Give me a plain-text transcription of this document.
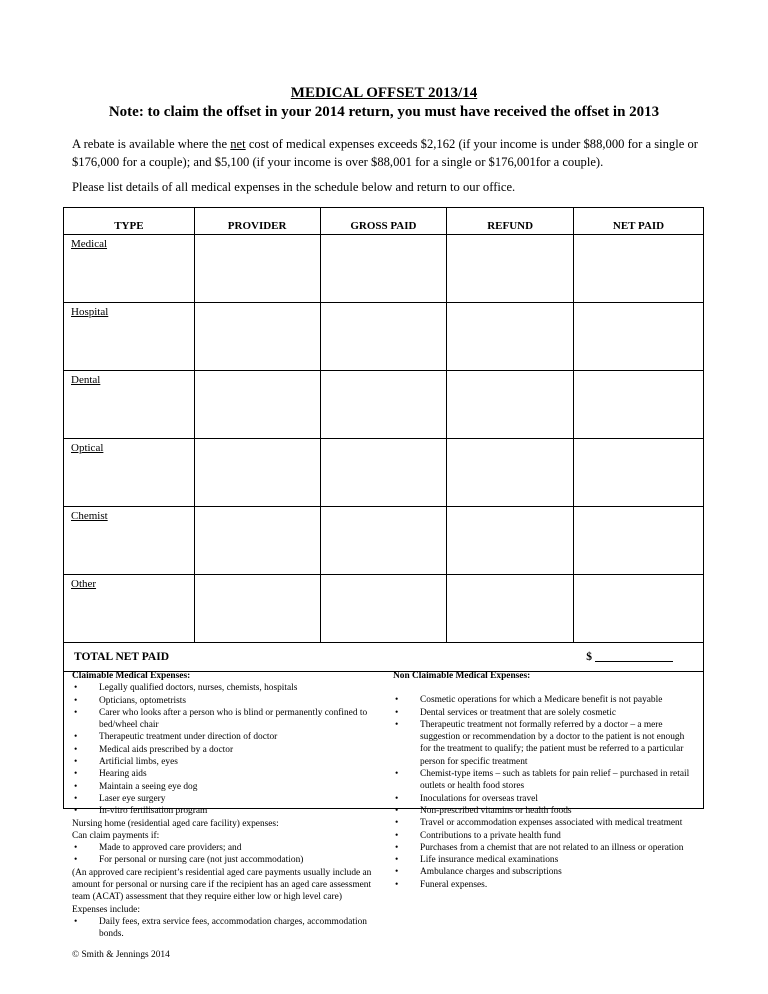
MEDICAL OFFSET 2013/14
Note: to claim the offset in your 2014 return, you must have received the offset in 2013
A rebate is available where the net cost of medical expenses exceeds $2,162 (if your income is under $88,000 for a single or $176,000 for a couple); and $5,100 (if your income is over $88,001 for a single or $176,001for a couple).
Please list details of all medical expenses in the schedule below and return to our office.
TYPE	PROVIDER	GROSS PAID	REFUND	NET PAID
Medical				
Hospital				
Dental				
Optical				
Chemist				
Other				
TOTAL NET PAID				$
Claimable Medical Expenses:
• Legally qualified doctors, nurses, chemists, hospitals
• Opticians, optometrists
• Carer who looks after a person who is blind or permanently confined to bed/wheel chair
• Therapeutic treatment under direction of doctor
• Medical aids prescribed by a doctor
• Artificial limbs, eyes
• Hearing aids
• Maintain a seeing eye dog
• Laser eye surgery
• In-vitro fertilisation program
Nursing home (residential aged care facility) expenses:
Can claim payments if:
• Made to approved care providers; and
• For personal or nursing care (not just accommodation)
(An approved care recipient’s residential aged care payments usually include an amount for personal or nursing care if the recipient has an aged care assessment team (ACAT) assessment that they require either low or high level care)
Expenses include:
• Daily fees, extra service fees, accommodation charges, accommodation bonds.
Non Claimable Medical Expenses:
• Cosmetic operations for which a Medicare benefit is not payable
• Dental services or treatment that are solely cosmetic
• Therapeutic treatment not formally referred by a doctor – a mere suggestion or recommendation by a doctor to the patient is not enough for the treatment to qualify; the patient must be referred to a particular person for specific treatment
• Chemist-type items – such as tablets for pain relief – purchased in retail outlets or health food stores
• Inoculations for overseas travel
• Non-prescribed vitamins or health foods
• Travel or accommodation expenses associated with medical treatment
• Contributions to a private health fund
• Purchases from a chemist that are not related to an illness or operation
• Life insurance medical examinations
• Ambulance charges and subscriptions
• Funeral expenses.
© Smith & Jennings 2014
